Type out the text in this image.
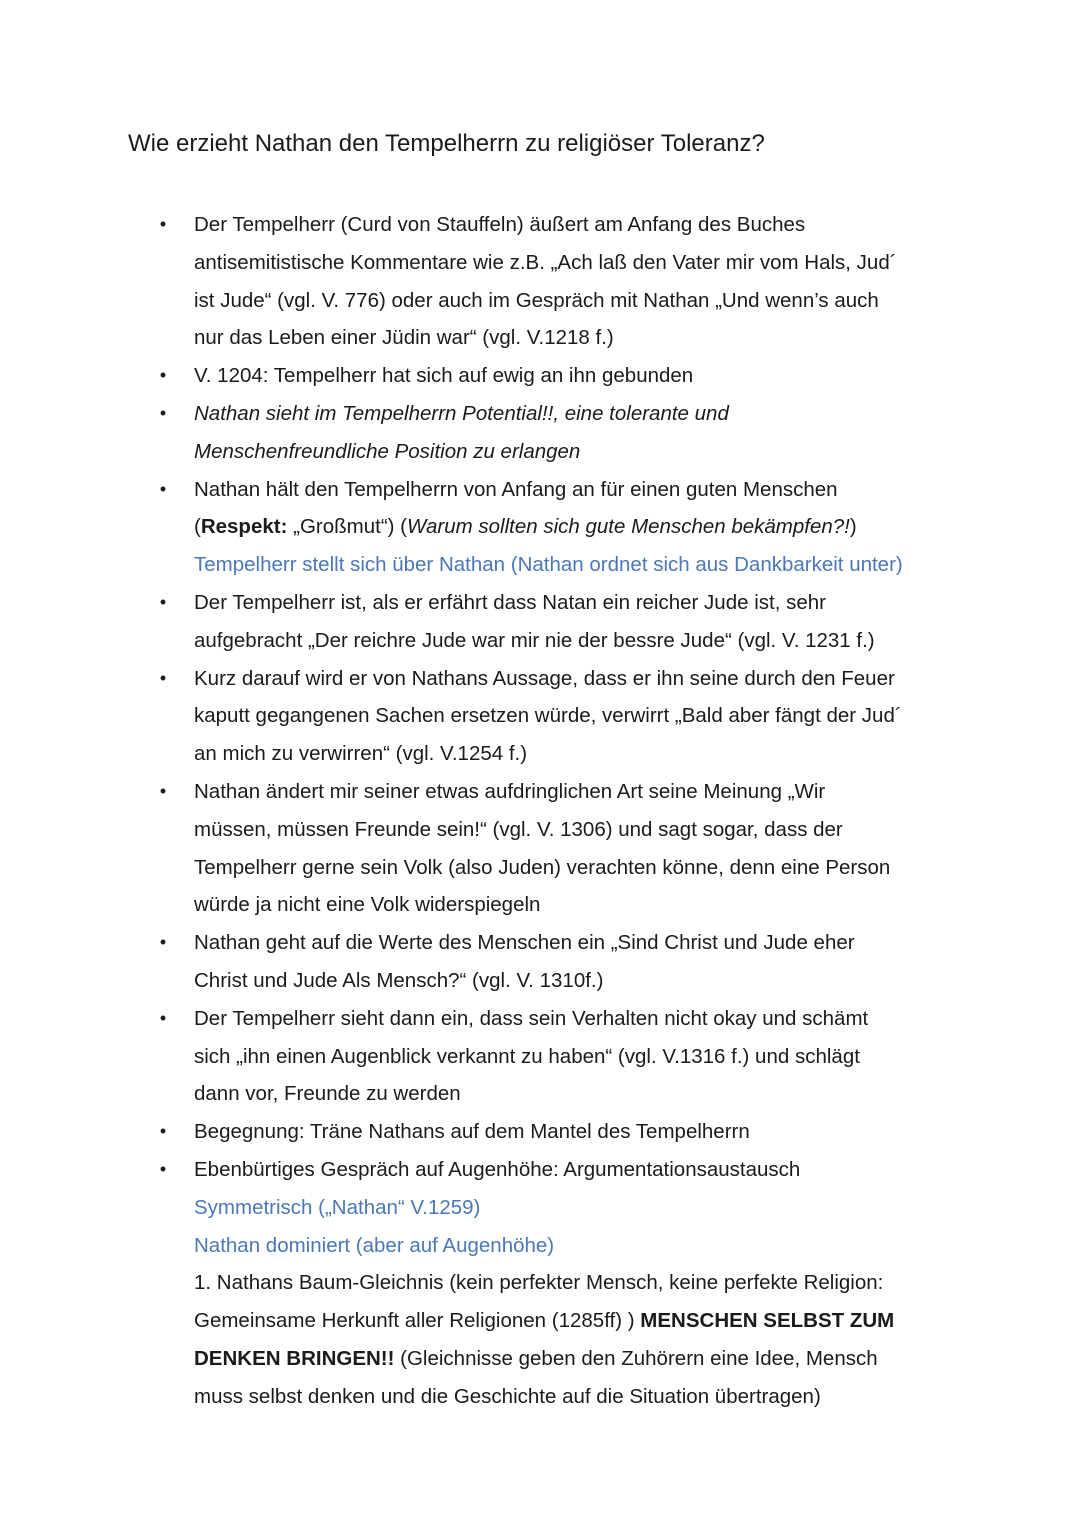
Wie erzieht Nathan den Tempelherrn zu religiöser Toleranz?
• Der Tempelherr (Curd von Stauffeln) äußert am Anfang des Buches
antisemitistische Kommentare wie z.B. „Ach laß den Vater mir vom Hals, Jud´
ist Jude“ (vgl. V. 776) oder auch im Gespräch mit Nathan „Und wenn’s auch
nur das Leben einer Jüdin war“ (vgl. V.1218 f.)
• V. 1204: Tempelherr hat sich auf ewig an ihn gebunden
• Nathan sieht im Tempelherrn Potential!!, eine tolerante und
Menschenfreundliche Position zu erlangen
• Nathan hält den Tempelherrn von Anfang an für einen guten Menschen
(Respekt: „Großmut“) (Warum sollten sich gute Menschen bekämpfen?!)
Tempelherr stellt sich über Nathan (Nathan ordnet sich aus Dankbarkeit unter)
• Der Tempelherr ist, als er erfährt dass Natan ein reicher Jude ist, sehr
aufgebracht „Der reichre Jude war mir nie der bessre Jude“ (vgl. V. 1231 f.)
• Kurz darauf wird er von Nathans Aussage, dass er ihn seine durch den Feuer
kaputt gegangenen Sachen ersetzen würde, verwirrt „Bald aber fängt der Jud´
an mich zu verwirren“ (vgl. V.1254 f.)
• Nathan ändert mir seiner etwas aufdringlichen Art seine Meinung „Wir
müssen, müssen Freunde sein!“ (vgl. V. 1306) und sagt sogar, dass der
Tempelherr gerne sein Volk (also Juden) verachten könne, denn eine Person
würde ja nicht eine Volk widerspiegeln
• Nathan geht auf die Werte des Menschen ein „Sind Christ und Jude eher
Christ und Jude Als Mensch?“ (vgl. V. 1310f.)
• Der Tempelherr sieht dann ein, dass sein Verhalten nicht okay und schämt
sich „ihn einen Augenblick verkannt zu haben“ (vgl. V.1316 f.) und schlägt
dann vor, Freunde zu werden
• Begegnung: Träne Nathans auf dem Mantel des Tempelherrn
• Ebenbürtiges Gespräch auf Augenhöhe: Argumentationsaustausch
Symmetrisch („Nathan“ V.1259)
Nathan dominiert (aber auf Augenhöhe)
1. Nathans Baum-Gleichnis (kein perfekter Mensch, keine perfekte Religion:
Gemeinsame Herkunft aller Religionen (1285ff) ) MENSCHEN SELBST ZUM
DENKEN BRINGEN!! (Gleichnisse geben den Zuhörern eine Idee, Mensch
muss selbst denken und die Geschichte auf die Situation übertragen)
